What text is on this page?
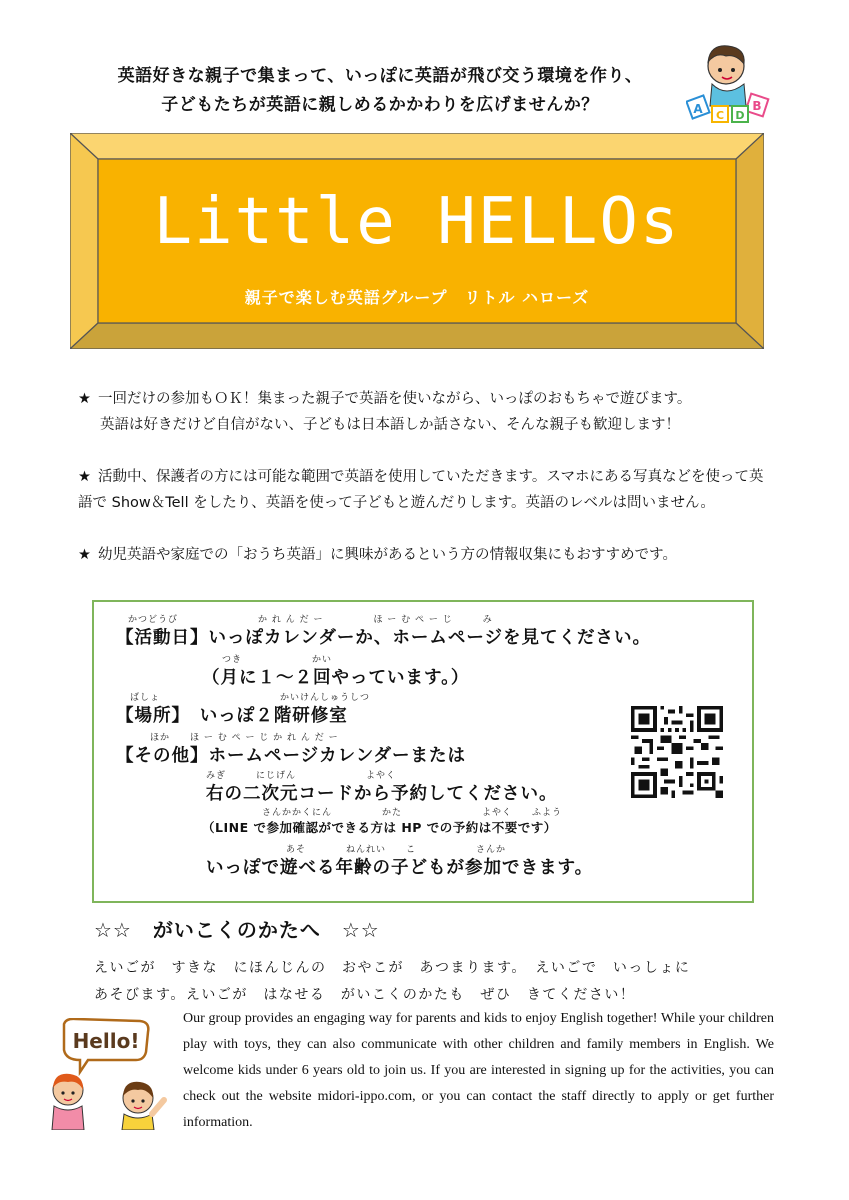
英語好きな親子で集まって、いっぽに英語が飛び交う環境を作り、
子どもたちが英語に親しめるかかわりを広げませんか？	A	B
C D
Little HELLOs
親子で楽しむ英語グループ　リトル ハローズ
★ 一回だけの参加もＯＫ！集まった親子で英語を使いながら、いっぽのおもちゃで遊びます。
英語は好きだけど自信がない、子どもは日本語しか話さない、そんな親子も歓迎します！
★ 活動中、保護者の方には可能な範囲で英語を使用していただきます。スマホにある写真などを使って英語で Show＆Tell をしたり、英語を使って子どもと遊んだりします。英語のレベルは問いません。
★ 幼児英語や家庭での「おうち英語」に興味があるという方の情報収集にもおすすめです。
かつどうび　　　　　　　　か れ ん だ ー　　　　　ほ ー む ぺ ー じ　　　み
【活動日】いっぽカレンダーか、ホームページを見てください。
つき　　　　　　　かい
（月に１～２回やっています。）
ばしょ　　　　　　　　　　　　かいけんしゅうしつ
【場所】　いっぽ２階研修室
ほか　　ほ ー む ぺ ー じ か れ ん だ ー
【その他】ホームページカレンダーまたは
みぎ　　　にじげん　　　　　　　よやく
右の二次元コードから予約してください。
さんかかくにん　　　　　かた　　　　　　　　よやく　　ふよう
（LINE で参加確認ができる方は HP での予約は不要です）
あそ　　　　ねんれい　　こ　　　　　　さんか
いっぽで遊べる年齢の子どもが参加できます。
☆☆　がいこくのかたへ　☆☆
えいごが　すきな　にほんじんの　おやこが　あつまります。　えいごで　いっしょに
あそびます。えいごが　はなせる　がいこくのかたも　ぜひ　きてください！
Hello!
Our group provides an engaging way for parents and kids to enjoy English together! While your children play with toys, they can also communicate with other children and family members in English. We welcome kids under 6 years old to join us. If you are interested in signing up for the activities, you can check out the website midori-ippo.com, or you can contact the staff directly to apply or get further information.
